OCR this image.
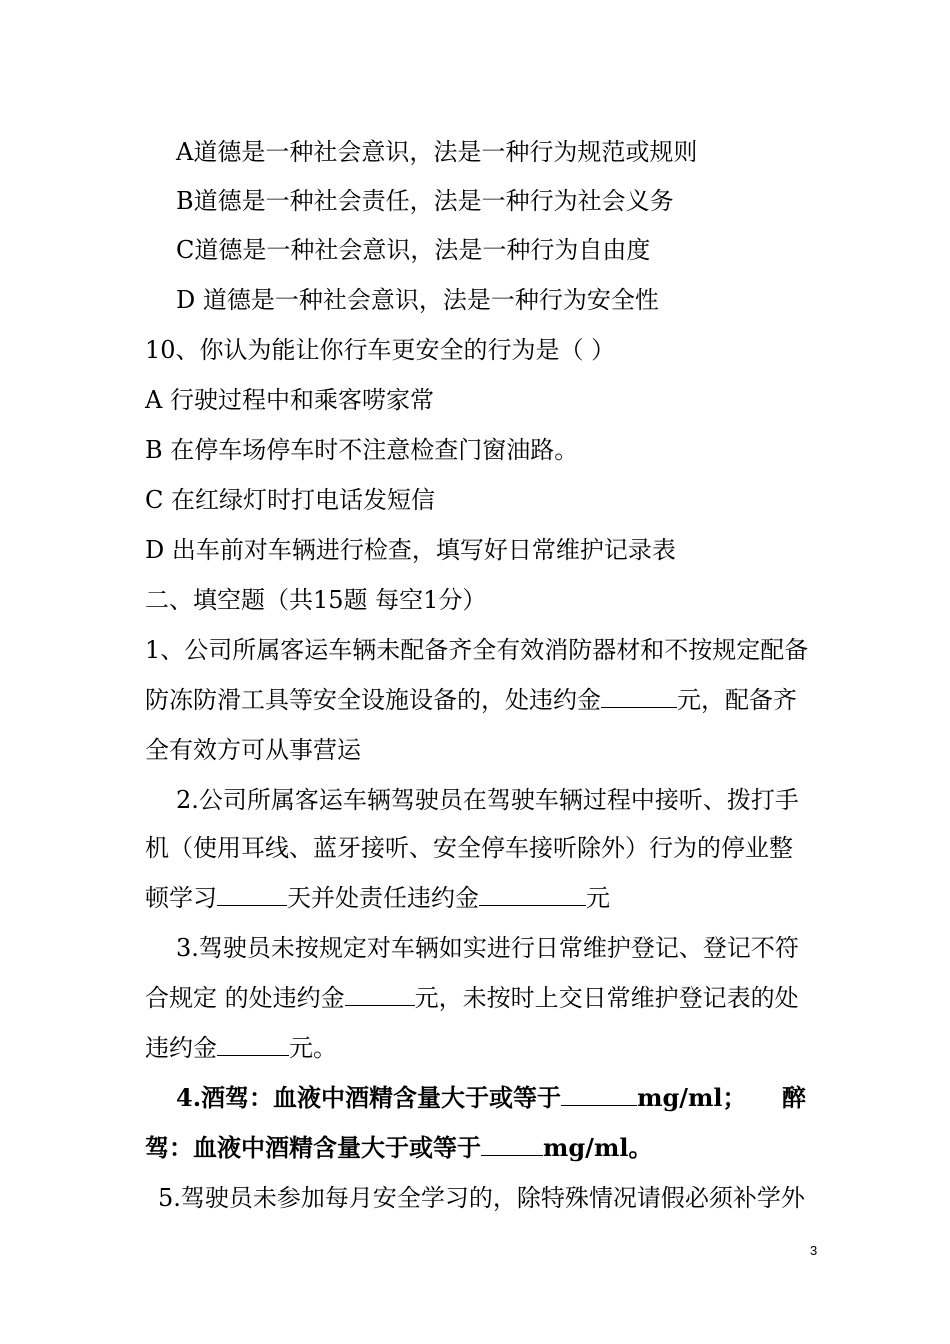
A道德是一种社会意识，法是一种行为规范或规则
B道德是一种社会责任，法是一种行为社会义务
C道德是一种社会意识，法是一种行为自由度
D 道德是一种社会意识，法是一种行为安全性
10、你认为能让你行车更安全的行为是（ ）
A 行驶过程中和乘客唠家常
B 在停车场停车时不注意检查门窗油路。
C 在红绿灯时打电话发短信
D 出车前对车辆进行检查，填写好日常维护记录表
二、填空题（共15题 每空1分）
1、公司所属客运车辆未配备齐全有效消防器材和不按规定配备
防冻防滑工具等安全设施设备的，处违约金	元，配备齐
全有效方可从事营运
2.公司所属客运车辆驾驶员在驾驶车辆过程中接听、拨打手
机（使用耳线、蓝牙接听、安全停车接听除外）行为的停业整
顿学习	天并处责任违约金	元
3.驾驶员未按规定对车辆如实进行日常维护登记、登记不符
合规定 的处违约金	元，未按时上交日常维护登记表的处
违约金	元。
4.酒驾：血液中酒精含量大于或等于	mg/ml； 醉
驾：血液中酒精含量大于或等于	mg/ml。
5.驾驶员未参加每月安全学习的，除特殊情况请假必须补学外
3
